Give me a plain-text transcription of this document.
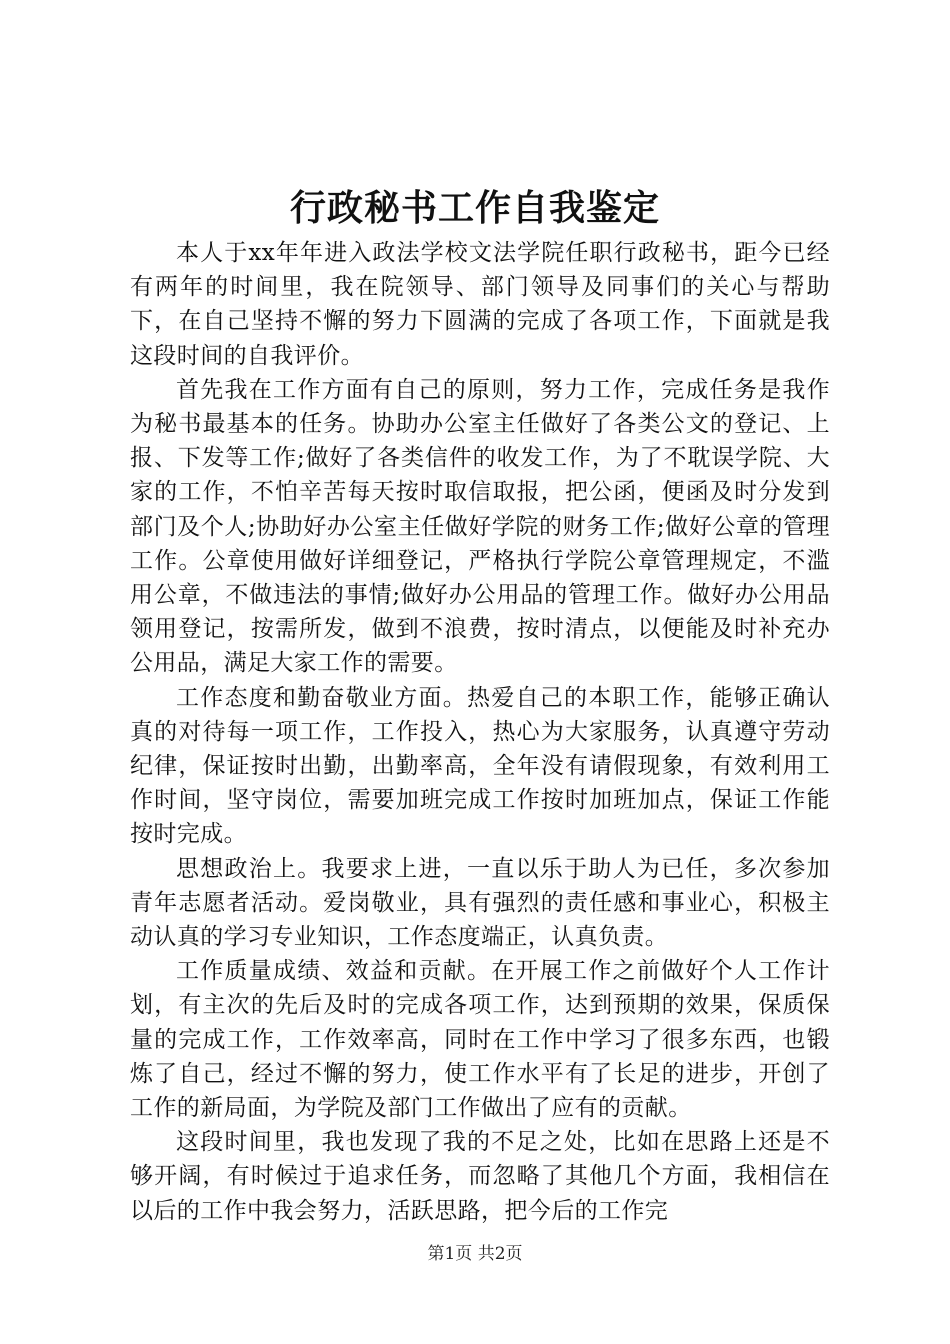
行政秘书工作自我鉴定

本人于xx年年进入政法学校文法学院任职行政秘书，距今已经有两年的时间里，我在院领导、部门领导及同事们的关心与帮助下，在自己坚持不懈的努力下圆满的完成了各项工作，下面就是我这段时间的自我评价。

首先我在工作方面有自己的原则，努力工作，完成任务是我作为秘书最基本的任务。协助办公室主任做好了各类公文的登记、上报、下发等工作;做好了各类信件的收发工作，为了不耽误学院、大家的工作，不怕辛苦每天按时取信取报，把公函，便函及时分发到部门及个人;协助好办公室主任做好学院的财务工作;做好公章的管理工作。公章使用做好详细登记，严格执行学院公章管理规定，不滥用公章，不做违法的事情;做好办公用品的管理工作。做好办公用品领用登记，按需所发，做到不浪费，按时清点，以便能及时补充办公用品，满足大家工作的需要。

工作态度和勤奋敬业方面。热爱自己的本职工作，能够正确认真的对待每一项工作，工作投入，热心为大家服务，认真遵守劳动纪律，保证按时出勤，出勤率高，全年没有请假现象，有效利用工作时间，坚守岗位，需要加班完成工作按时加班加点，保证工作能按时完成。

思想政治上。我要求上进，一直以乐于助人为已任，多次参加青年志愿者活动。爱岗敬业，具有强烈的责任感和事业心，积极主动认真的学习专业知识，工作态度端正，认真负责。

工作质量成绩、效益和贡献。在开展工作之前做好个人工作计划，有主次的先后及时的完成各项工作，达到预期的效果，保质保量的完成工作，工作效率高，同时在工作中学习了很多东西，也锻炼了自己，经过不懈的努力，使工作水平有了长足的进步，开创了工作的新局面，为学院及部门工作做出了应有的贡献。

这段时间里，我也发现了我的不足之处，比如在思路上还是不够开阔，有时候过于追求任务，而忽略了其他几个方面，我相信在以后的工作中我会努力，活跃思路，把今后的工作完

第1页 共2页
